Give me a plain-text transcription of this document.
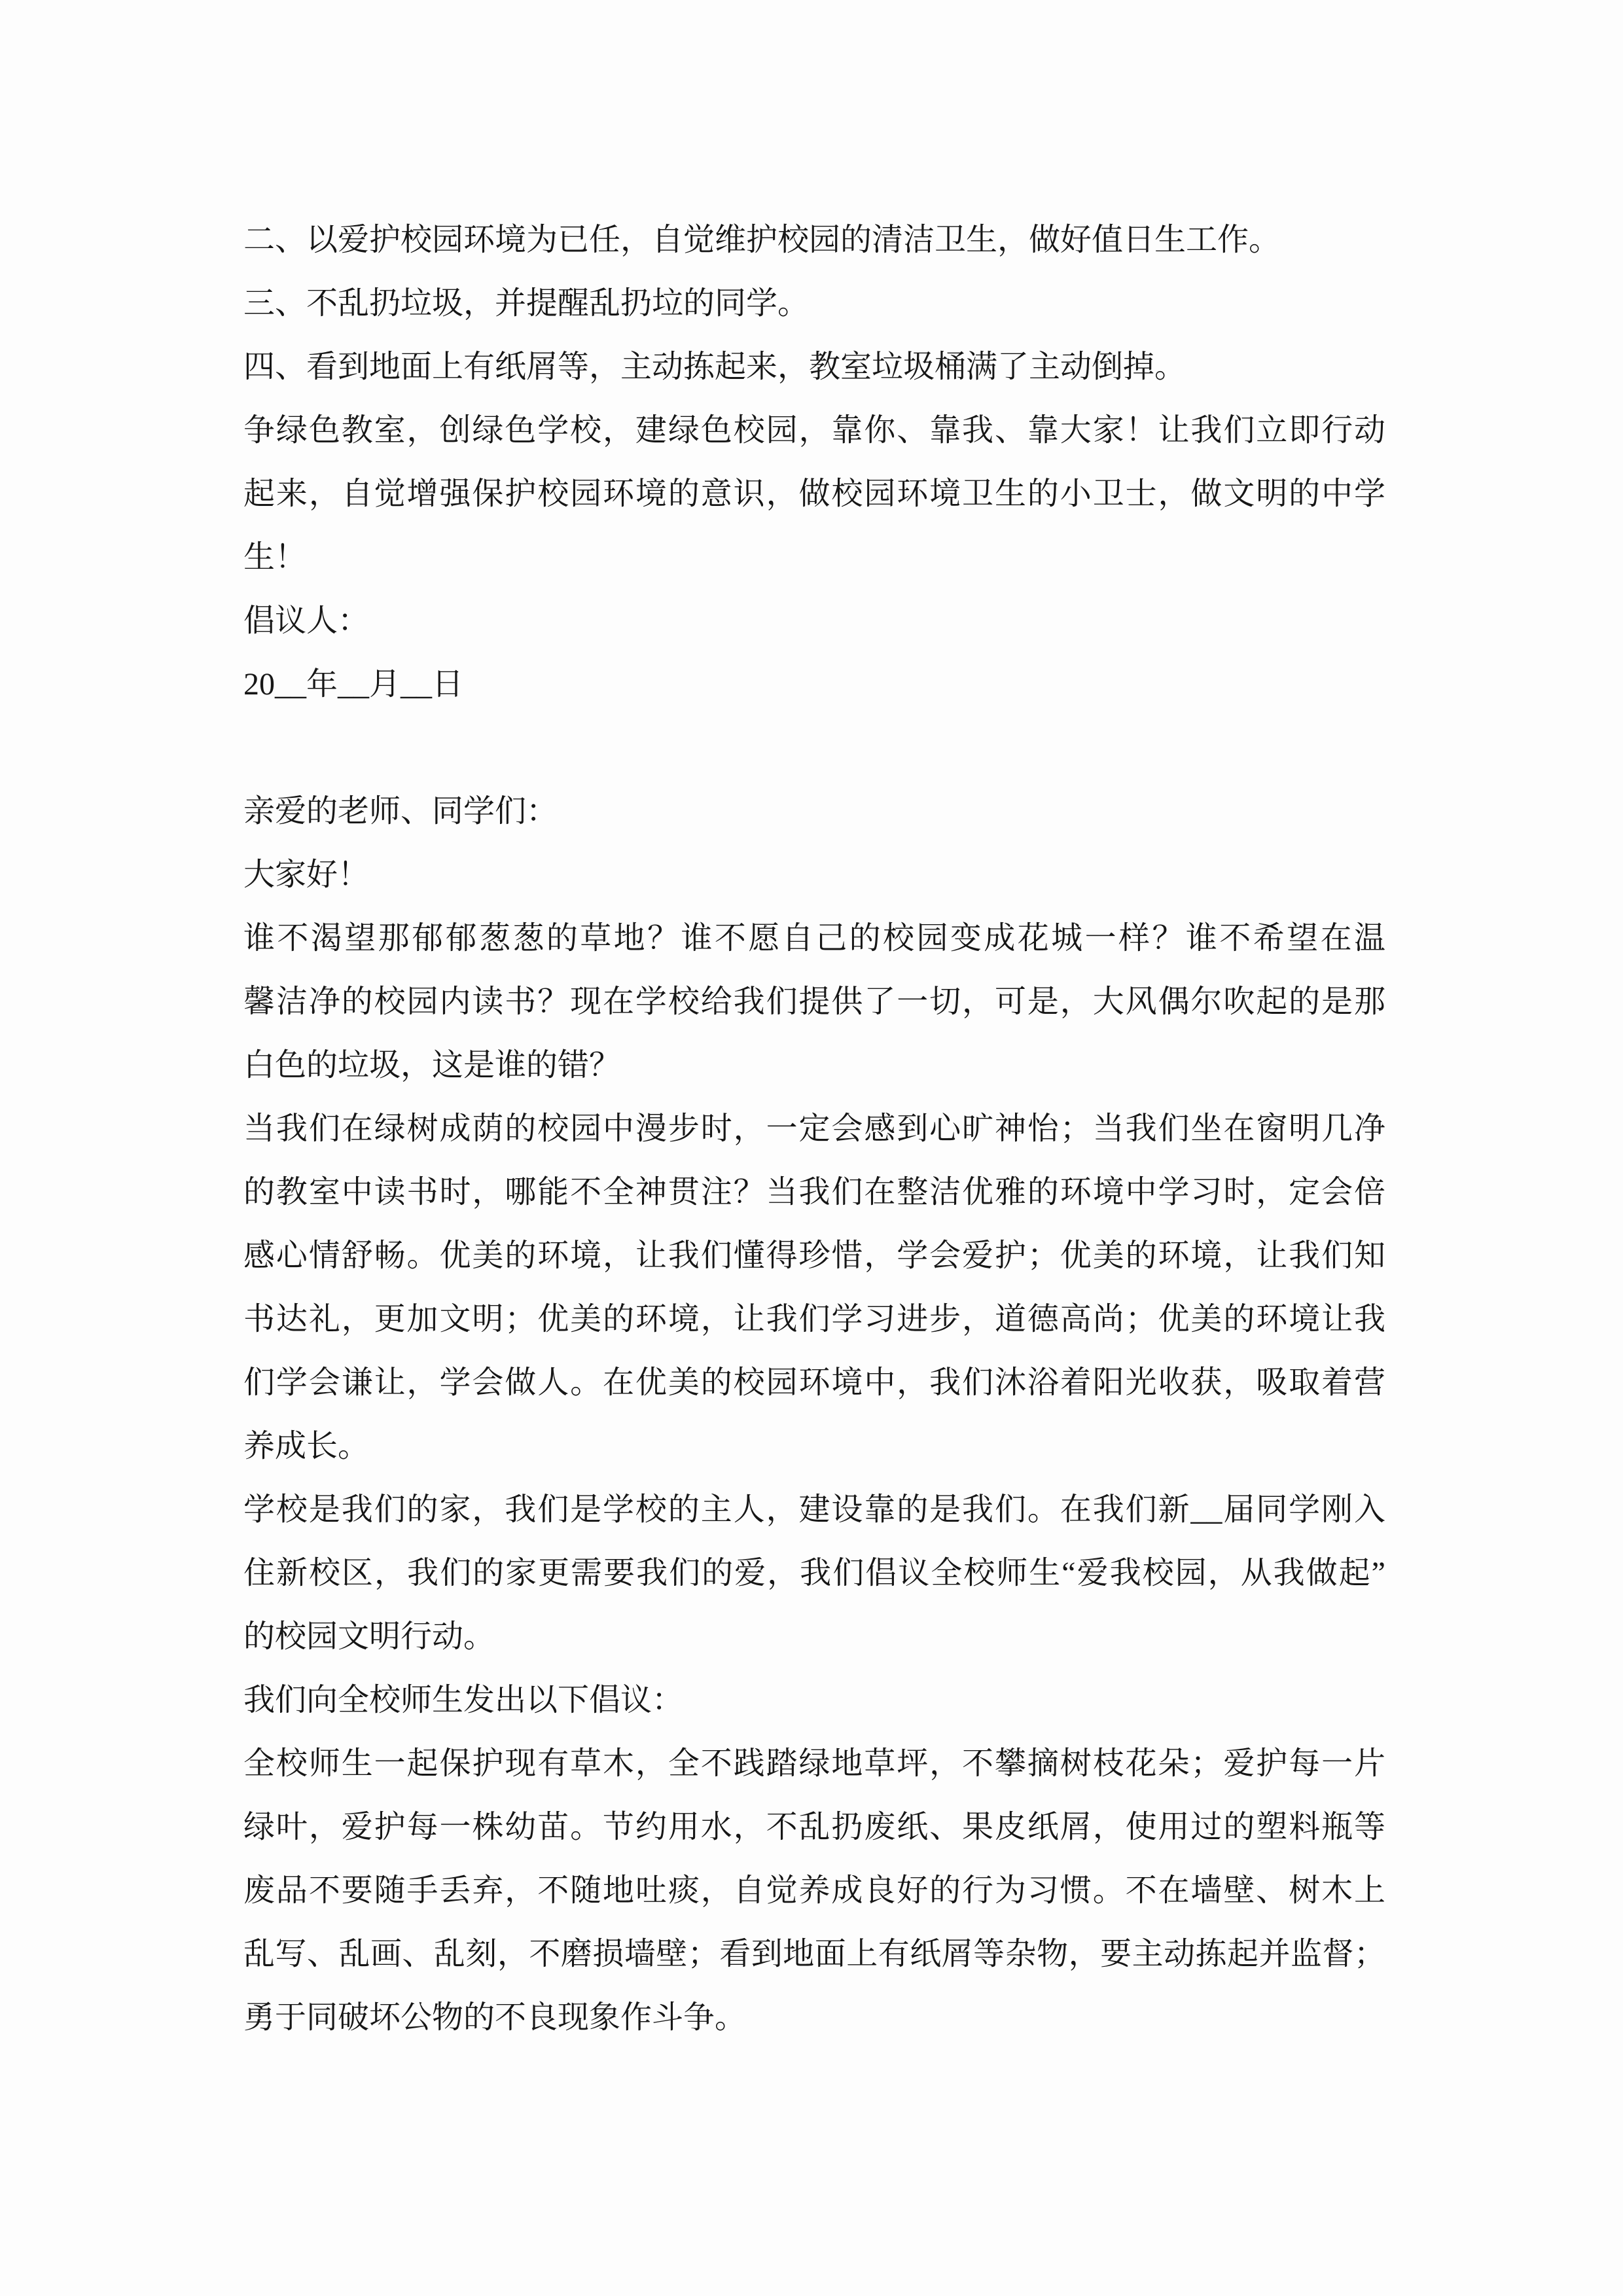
二、以爱护校园环境为已任，自觉维护校园的清洁卫生，做好值日生工作。
三、不乱扔垃圾，并提醒乱扔垃的同学。
四、看到地面上有纸屑等，主动拣起来，教室垃圾桶满了主动倒掉。
争绿色教室，创绿色学校，建绿色校园，靠你、靠我、靠大家！让我们立即行动
起来，自觉增强保护校园环境的意识，做校园环境卫生的小卫士，做文明的中学
生！
倡议人：
20__年__月__日
亲爱的老师、同学们：
大家好！
谁不渴望那郁郁葱葱的草地？谁不愿自己的校园变成花城一样？谁不希望在温
馨洁净的校园内读书？现在学校给我们提供了一切，可是，大风偶尔吹起的是那
白色的垃圾，这是谁的错？
当我们在绿树成荫的校园中漫步时，一定会感到心旷神怡；当我们坐在窗明几净
的教室中读书时，哪能不全神贯注？当我们在整洁优雅的环境中学习时，定会倍
感心情舒畅。优美的环境，让我们懂得珍惜，学会爱护；优美的环境，让我们知
书达礼，更加文明；优美的环境，让我们学习进步，道德高尚；优美的环境让我
们学会谦让，学会做人。在优美的校园环境中，我们沐浴着阳光收获，吸取着营
养成长。
学校是我们的家，我们是学校的主人，建设靠的是我们。在我们新__届同学刚入
住新校区，我们的家更需要我们的爱，我们倡议全校师生“爱我校园，从我做起”
的校园文明行动。
我们向全校师生发出以下倡议：
全校师生一起保护现有草木，全不践踏绿地草坪，不攀摘树枝花朵；爱护每一片
绿叶，爱护每一株幼苗。节约用水，不乱扔废纸、果皮纸屑，使用过的塑料瓶等
废品不要随手丢弃，不随地吐痰，自觉养成良好的行为习惯。不在墙壁、树木上
乱写、乱画、乱刻，不磨损墙壁；看到地面上有纸屑等杂物，要主动拣起并监督；
勇于同破坏公物的不良现象作斗争。
